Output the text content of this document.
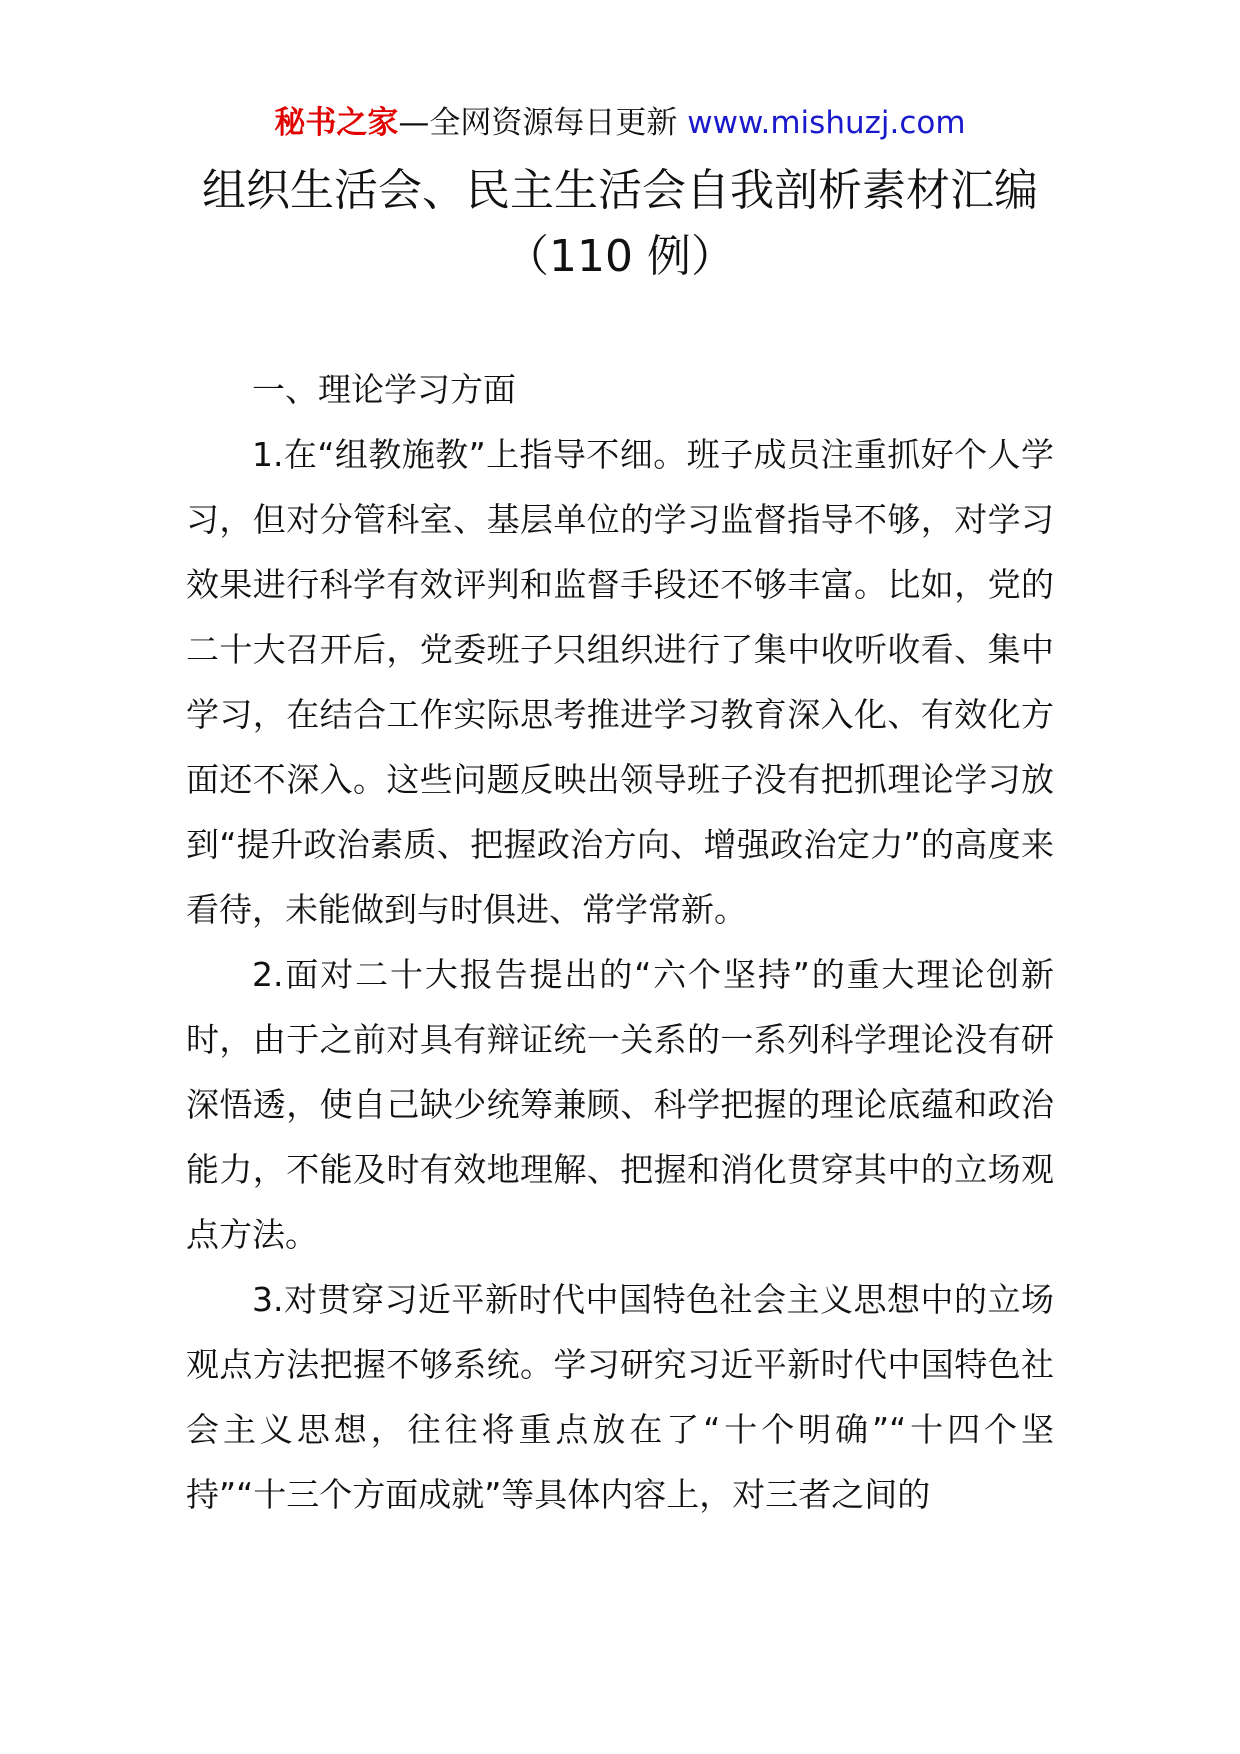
秘书之家—全网资源每日更新 www.mishuzj.com
组织生活会、民主生活会自我剖析素材汇编（110 例）

一、理论学习方面

1.在“组教施教”上指导不细。班子成员注重抓好个人学习，但对分管科室、基层单位的学习监督指导不够，对学习效果进行科学有效评判和监督手段还不够丰富。比如，党的二十大召开后，党委班子只组织进行了集中收听收看、集中学习，在结合工作实际思考推进学习教育深入化、有效化方面还不深入。这些问题反映出领导班子没有把抓理论学习放到“提升政治素质、把握政治方向、增强政治定力”的高度来看待，未能做到与时俱进、常学常新。

2.面对二十大报告提出的“六个坚持”的重大理论创新时，由于之前对具有辩证统一关系的一系列科学理论没有研深悟透，使自己缺少统筹兼顾、科学把握的理论底蕴和政治能力，不能及时有效地理解、把握和消化贯穿其中的立场观点方法。

3.对贯穿习近平新时代中国特色社会主义思想中的立场观点方法把握不够系统。学习研究习近平新时代中国特色社会主义思想，往往将重点放在了“十个明确”“十四个坚持”“十三个方面成就”等具体内容上，对三者之间的
